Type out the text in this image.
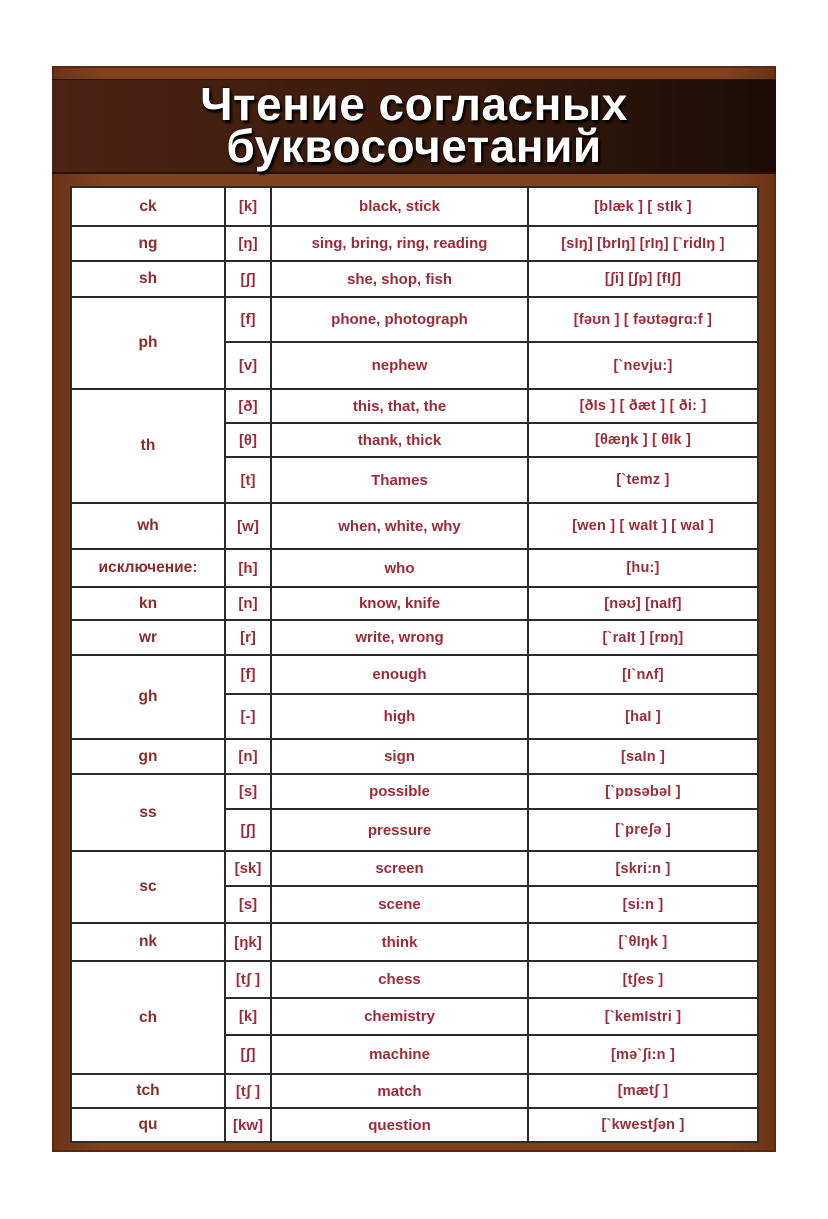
Чтение согласных
буквосочетаний
ck	[k]	black, stick	[blæk ] [ stIk ]
ng	[ŋ]	sing, bring, ring, reading	[sIŋ] [brIŋ] [rIŋ] [`ridIŋ ]
sh	[ʃ]	she, shop, fish	[ʃi] [ʃp] [fIʃ]
ph	[f]	phone, photograph	[fəʊn ] [ fəʊtəgrɑ:f ]
	[v]	nephew	[`nevju:]
th	[ð]	this, that, the	[ðIs ] [ ðæt ] [ ði: ]
	[θ]	thank, thick	[θæŋk ] [ θIk ]
	[t]	Thames	[`temz ]
wh	[w]	when, white, why	[wen ] [ waIt ] [ waI ]
исключение:	[h]	who	[hu:]
kn	[n]	know, knife	[nəʊ] [naIf]
wr	[r]	write, wrong	[`raIt ] [rɒŋ]
gh	[f]	enough	[I`nʌf]
	[-]	high	[haI ]
gn	[n]	sign	[saIn ]
ss	[s]	possible	[`pɒsəbəl ]
	[ʃ]	pressure	[`preʃə ]
sc	[sk]	screen	[skri:n ]
	[s]	scene	[si:n ]
nk	[ŋk]	think	[`θIŋk ]
ch	[tʃ ]	chess	[tʃes ]
	[k]	chemistry	[`kemIstri ]
	[ʃ]	machine	[mə`ʃi:n ]
tch	[tʃ ]	match	[mætʃ ]
qu	[kw]	question	[`kwestʃən ]
